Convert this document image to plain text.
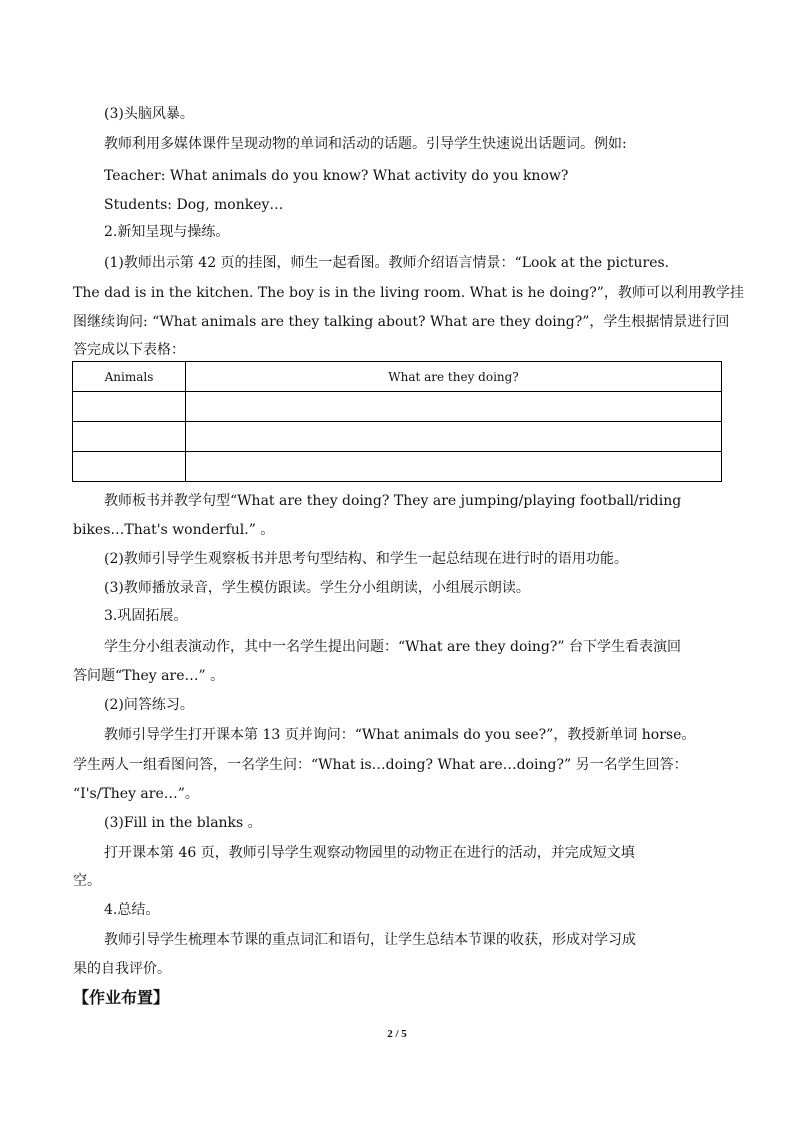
(3)头脑风暴。
教师利用多媒体课件呈现动物的单词和活动的话题。引导学生快速说出话题词。例如:
Teacher: What animals do you know? What activity do you know?
Students: Dog, monkey…
2.新知呈现与操练。
(1)教师出示第 42 页的挂图，师生一起看图。教师介绍语言情景：“Look at the pictures.
The dad is in the kitchen. The boy is in the living room. What is he doing?”，教师可以利用教学挂
图继续询问: “What animals are they talking about? What are they doing?”，学生根据情景进行回
答完成以下表格：
Animals	What are they doing?

教师板书并教学句型“What are they doing? They are jumping/playing football/riding
bikes…That's wonderful.” 。
(2)教师引导学生观察板书并思考句型结构、和学生一起总结现在进行时的语用功能。
(3)教师播放录音，学生模仿跟读。学生分小组朗读，小组展示朗读。
3.巩固拓展。
学生分小组表演动作，其中一名学生提出问题：“What are they doing?” 台下学生看表演回
答问题“They are…” 。
(2)问答练习。
教师引导学生打开课本第 13 页并询问：“What animals do you see?”，教授新单词 horse。
学生两人一组看图问答，一名学生问：“What is…doing? What are…doing?” 另一名学生回答：
“I's/They are…”。
(3)Fill in the blanks 。
打开课本第 46 页，教师引导学生观察动物园里的动物正在进行的活动，并完成短文填
空。
4.总结。
教师引导学生梳理本节课的重点词汇和语句，让学生总结本节课的收获，形成对学习成
果的自我评价。
【作业布置】
2 / 5
